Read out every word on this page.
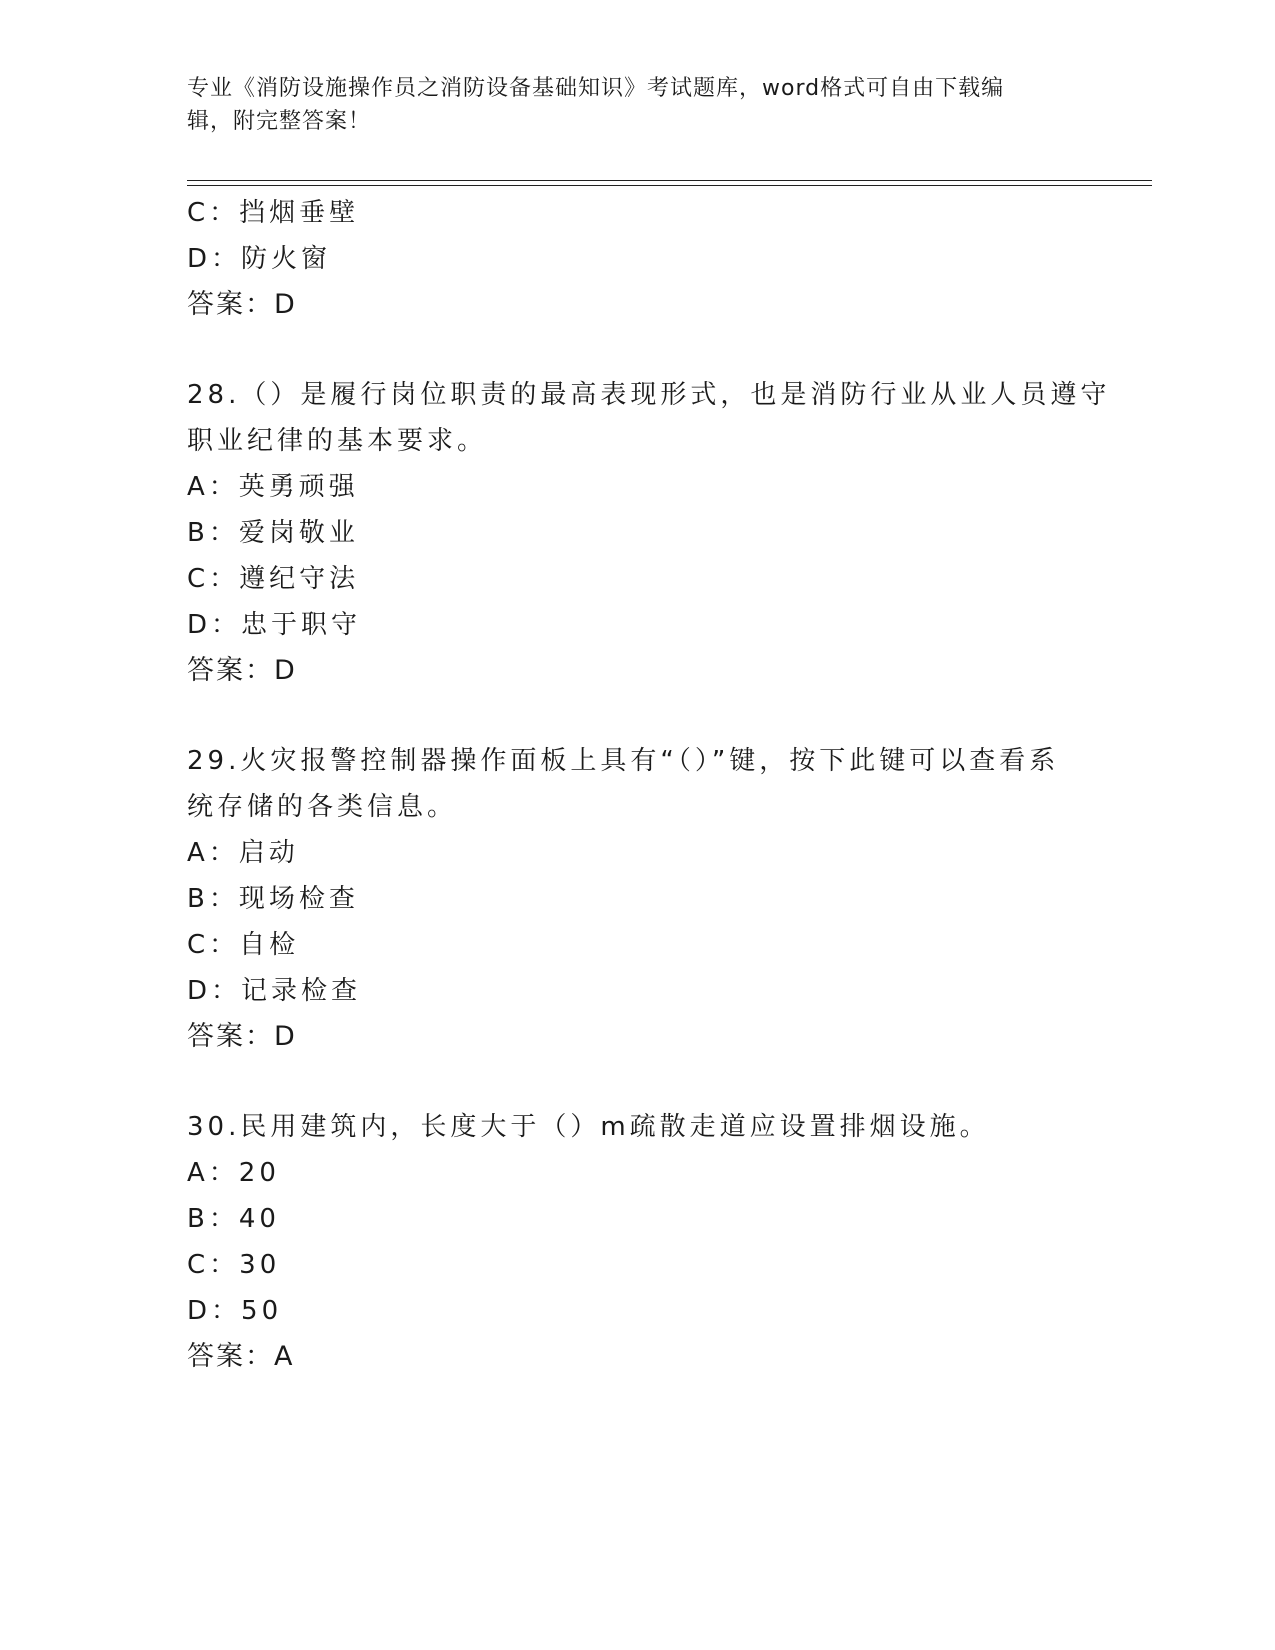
专业《消防设施操作员之消防设备基础知识》考试题库，word格式可自由下载编
辑，附完整答案！
C：挡烟垂壁
D：防火窗
答案：D
28.（）是履行岗位职责的最高表现形式，也是消防行业从业人员遵守
职业纪律的基本要求。
A：英勇顽强
B：爱岗敬业
C：遵纪守法
D：忠于职守
答案：D
29.火灾报警控制器操作面板上具有“（）”键，按下此键可以查看系
统存储的各类信息。
A：启动
B：现场检查
C：自检
D：记录检查
答案：D
30.民用建筑内，长度大于（）m疏散走道应设置排烟设施。
A：20
B：40
C：30
D：50
答案：A
